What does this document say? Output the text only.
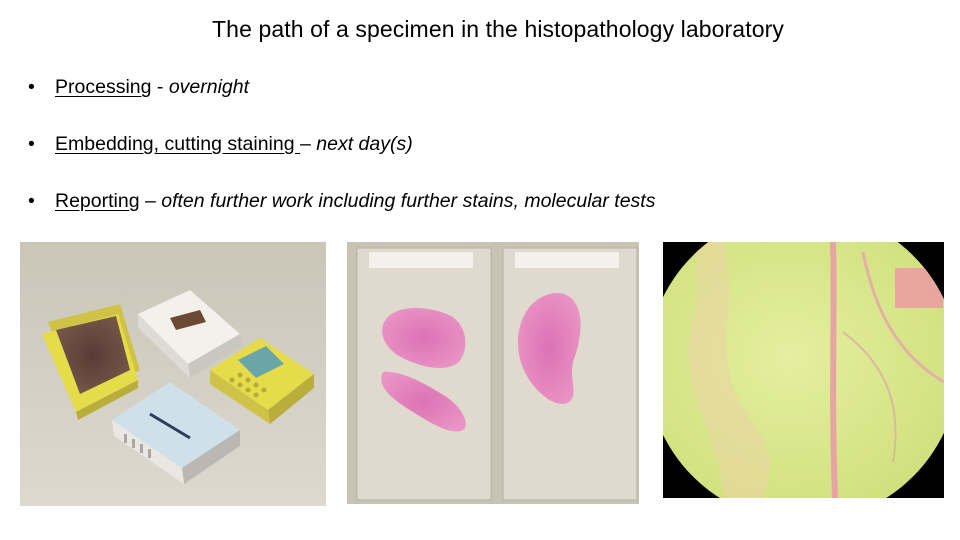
The path of a specimen in the histopathology laboratory
• Processing - overnight
• Embedding, cutting staining – next day(s)
• Reporting – often further work including further stains, molecular tests
